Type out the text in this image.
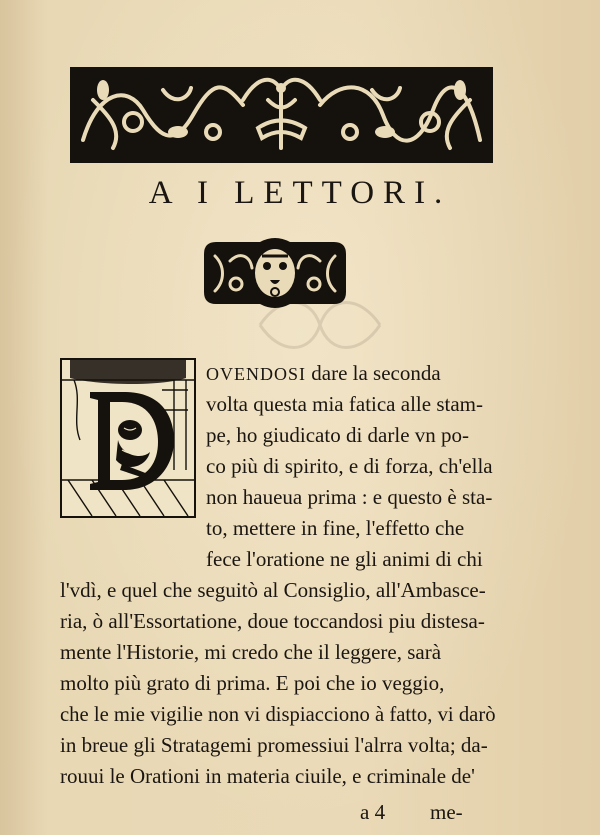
A I LETTORI.
OVENDOSI dare la seconda
volta questa mia fatica alle stam-
pe, ho giudicato di darle vn po-
co più di spirito, e di forza, ch'ella
non haueua prima : e questo è sta-
to, mettere in fine, l'effetto che
fece l'oratione ne gli animi di chi
l'vdì, e quel che seguitò al Consiglio, all'Ambasce-
ria, ò all'Essortatione, doue toccandosi piu distesa-
mente l'Historie, mi credo che il leggere, sarà
molto più grato di prima. E poi che io veggio,
che le mie vigilie non vi dispiacciono à fatto, vi darò
in breue gli Stratagemi promessiui l'alrra volta; da-
rouui le Orationi in materia ciuile, e criminale de'
a 4 me-
